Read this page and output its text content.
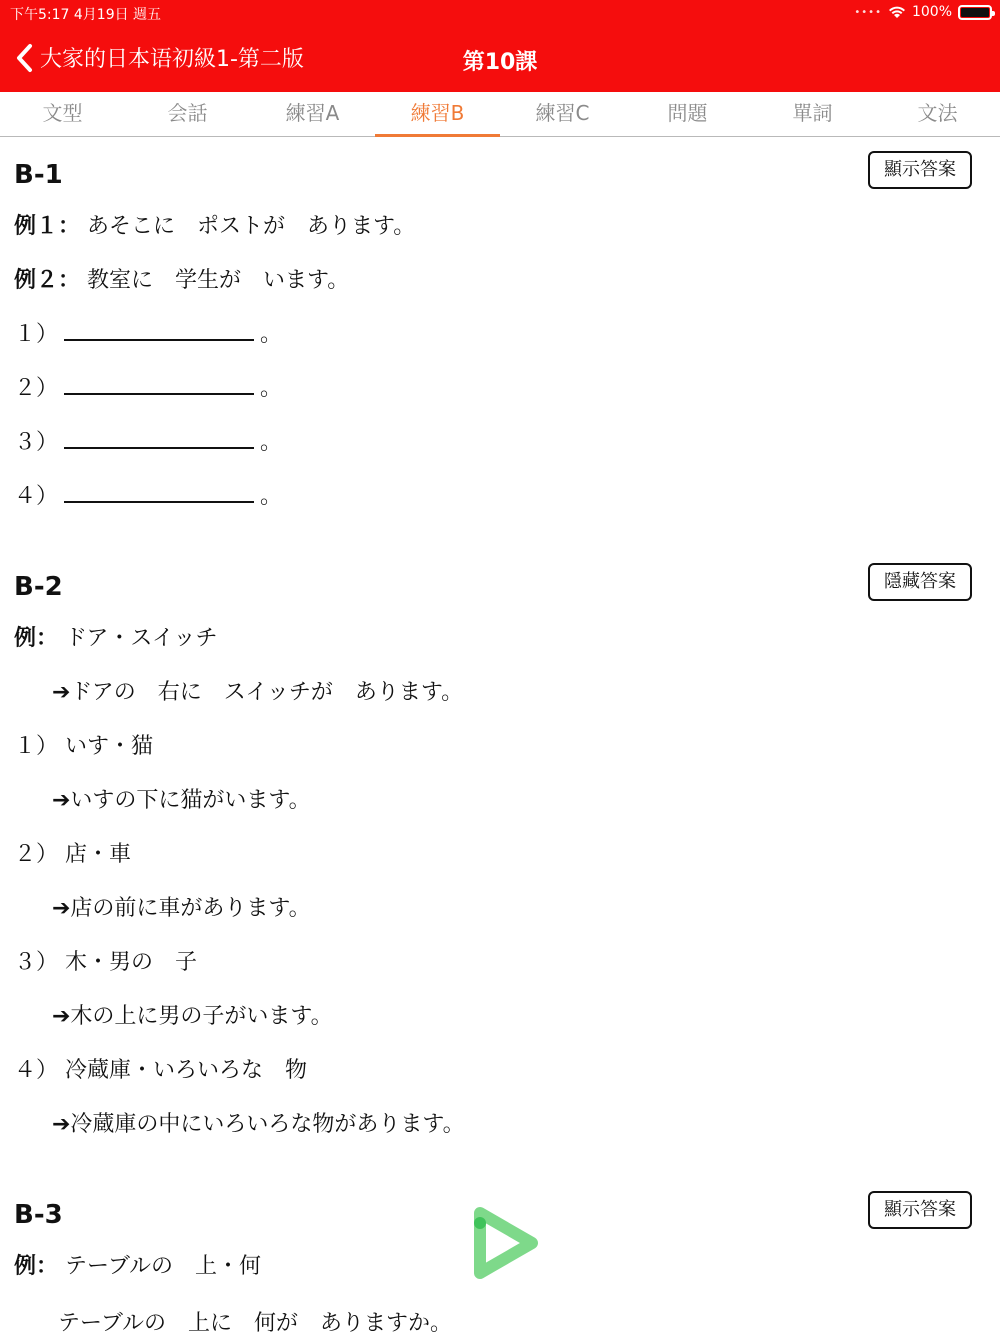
下午5:17 4月19日 週五	•••• 100%
大家的日本语初級1-第二版	第10課
文型	会話	練習A	練習B	練習C	問題	單詞	文法
B-1	顯示答案
例１： あそこに　ポストが　あります。
例２： 教室に　学生が　います。
１）	。
２）	。
３）	。
４）	。
B-2	隱藏答案
例： ドア・スイッチ
➔ドアの　右に　スイッチが　あります。
１） いす・猫
➔いすの下に猫がいます。
２） 店・車
➔店の前に車があります。
３） 木・男の　子
➔木の上に男の子がいます。
４） 冷蔵庫・いろいろな　物
➔冷蔵庫の中にいろいろな物があります。
B-3	顯示答案
例： テーブルの　上・何
テーブルの　上に　何が　ありますか。
